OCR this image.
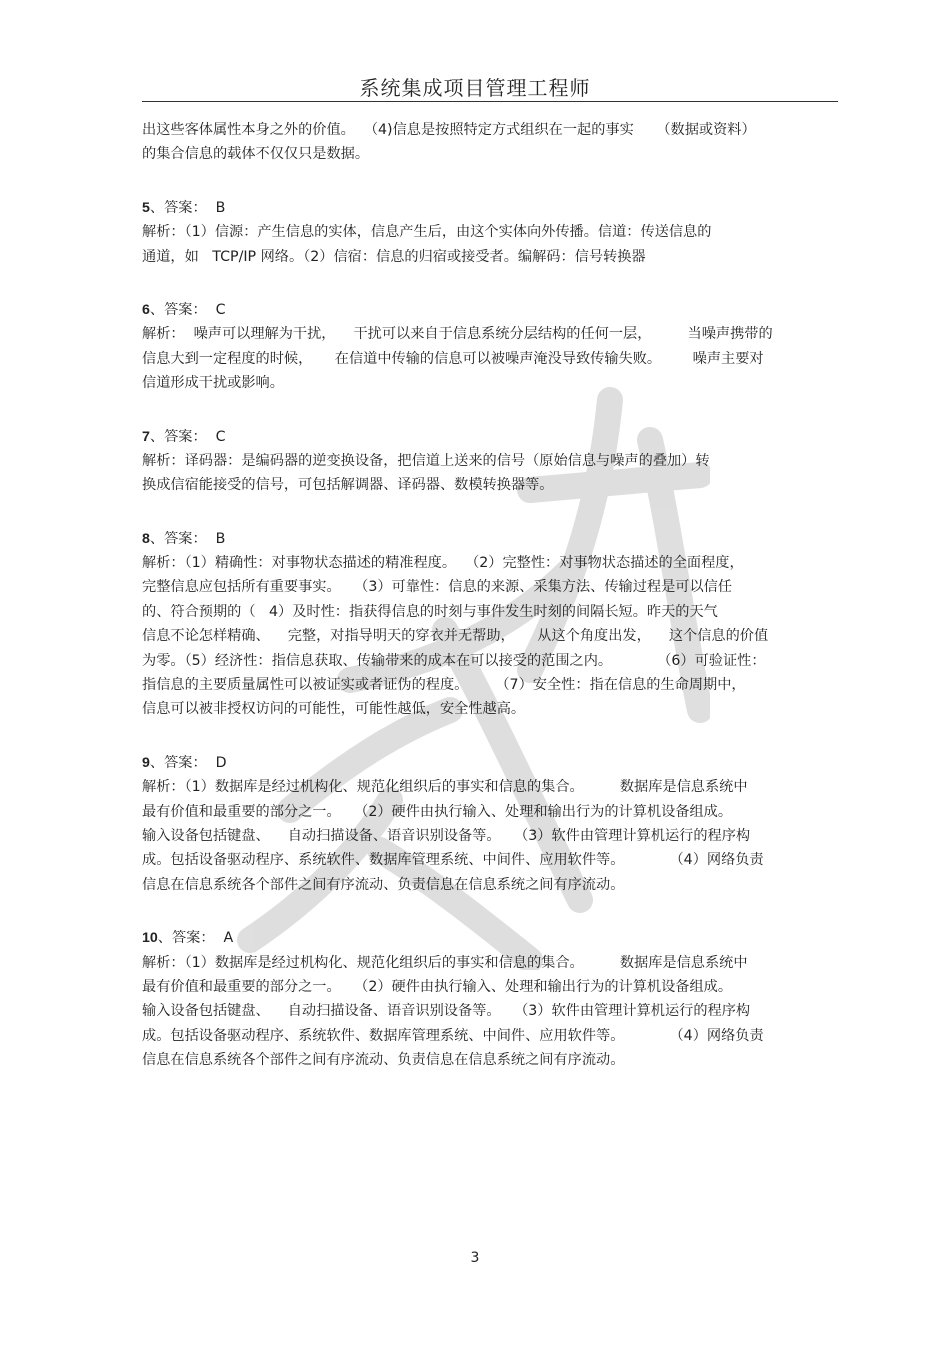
系统集成项目管理工程师
出这些客体属性本身之外的价值。  （4)信息是按照特定方式组织在一起的事实     （数据或资料）
的集合信息的载体不仅仅只是数据。
5、答案：  B
解析：（1）信源：产生信息的实体，信息产生后，由这个实体向外传播。信道：传送信息的
通道，如   TCP/IP 网络。（2）信宿：信息的归宿或接受者。编解码：信号转换器
6、答案：  C
解析：  噪声可以理解为干扰，    干扰可以来自于信息系统分层结构的任何一层，        当噪声携带的
信息大到一定程度的时候，     在信道中传输的信息可以被噪声淹没导致传输失败。       噪声主要对
信道形成干扰或影响。
7、答案：  C
解析：译码器：是编码器的逆变换设备，把信道上送来的信号（原始信息与噪声的叠加）转
换成信宿能接受的信号，可包括解调器、译码器、数模转换器等。
8、答案：  B
解析：（1）精确性：对事物状态描述的精准程度。  （2）完整性：对事物状态描述的全面程度，
完整信息应包括所有重要事实。   （3）可靠性：信息的来源、采集方法、传输过程是可以信任
的、符合预期的（   4）及时性：指获得信息的时刻与事件发生时刻的间隔长短。昨天的天气
信息不论怎样精确、    完整，对指导明天的穿衣并无帮助，     从这个角度出发，    这个信息的价值
为零。（5）经济性：指信息获取、传输带来的成本在可以接受的范围之内。          （6）可验证性：
指信息的主要质量属性可以被证实或者证伪的程度。      （7）安全性：指在信息的生命周期中，
信息可以被非授权访问的可能性，可能性越低，安全性越高。
9、答案：  D
解析：（1）数据库是经过机构化、规范化组织后的事实和信息的集合。        数据库是信息系统中
最有价值和最重要的部分之一。   （2）硬件由执行输入、处理和输出行为的计算机设备组成。
输入设备包括键盘、    自动扫描设备、语音识别设备等。   （3）软件由管理计算机运行的程序构
成。包括设备驱动程序、系统软件、数据库管理系统、中间件、应用软件等。          （4）网络负责
信息在信息系统各个部件之间有序流动、负责信息在信息系统之间有序流动。
10、答案：  A
解析：（1）数据库是经过机构化、规范化组织后的事实和信息的集合。        数据库是信息系统中
最有价值和最重要的部分之一。   （2）硬件由执行输入、处理和输出行为的计算机设备组成。
输入设备包括键盘、    自动扫描设备、语音识别设备等。   （3）软件由管理计算机运行的程序构
成。包括设备驱动程序、系统软件、数据库管理系统、中间件、应用软件等。          （4）网络负责
信息在信息系统各个部件之间有序流动、负责信息在信息系统之间有序流动。
3
